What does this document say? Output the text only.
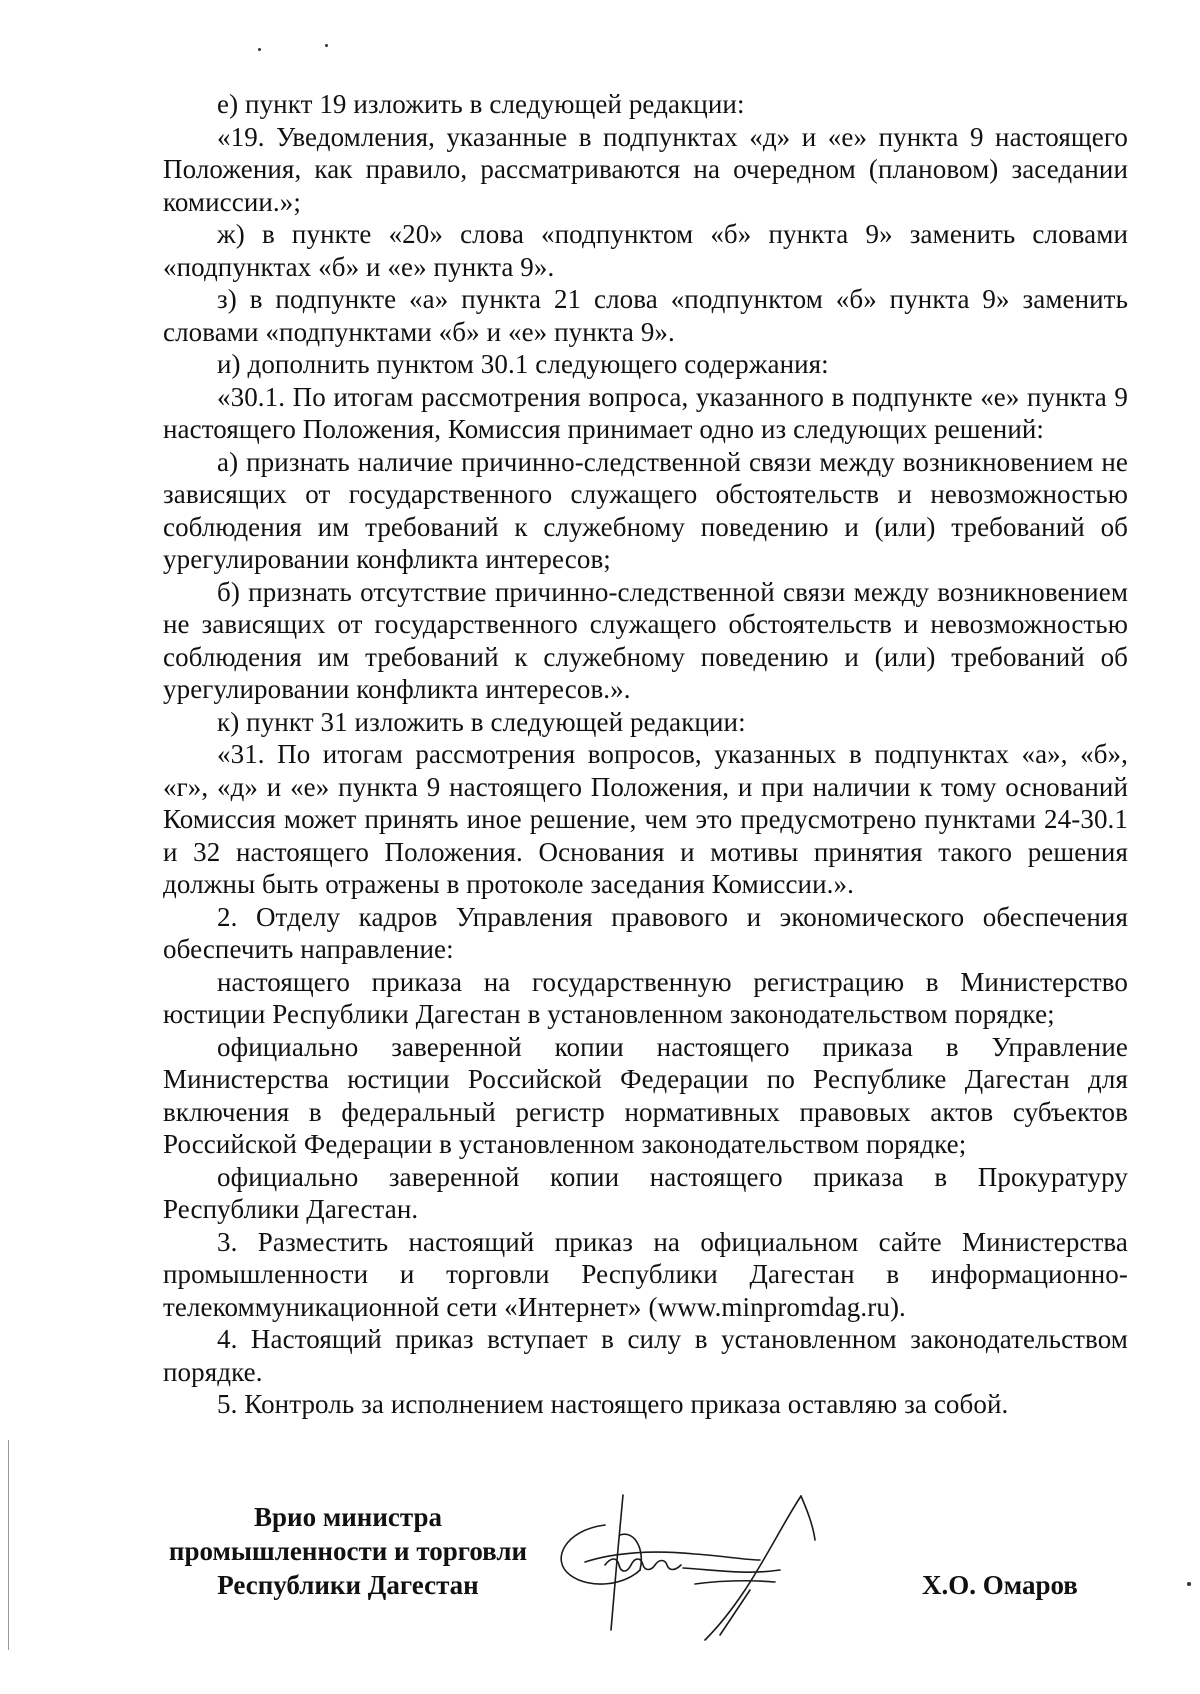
е) пункт 19 изложить в следующей редакции:

«19. Уведомления, указанные в подпунктах «д» и «е» пункта 9 настоящего Положения, как правило, рассматриваются на очередном (плановом) заседании комиссии.»;

ж) в пункте «20» слова «подпунктом «б» пункта 9» заменить словами «подпунктах «б» и «е» пункта 9».

з) в подпункте «а» пункта 21 слова «подпунктом «б» пункта 9» заменить словами «подпунктами «б» и «е» пункта 9».

и) дополнить пунктом 30.1 следующего содержания:

«30.1. По итогам рассмотрения вопроса, указанного в подпункте «е» пункта 9 настоящего Положения, Комиссия принимает одно из следующих решений:

а) признать наличие причинно-следственной связи между возникновением не зависящих от государственного служащего обстоятельств и невозможностью соблюдения им требований к служебному поведению и (или) требований об урегулировании конфликта интересов;

б) признать отсутствие причинно-следственной связи между возникновением не зависящих от государственного служащего обстоятельств и невозможностью соблюдения им требований к служебному поведению и (или) требований об урегулировании конфликта интересов.».

к) пункт 31 изложить в следующей редакции:

«31. По итогам рассмотрения вопросов, указанных в подпунктах «а», «б», «г», «д» и «е» пункта 9 настоящего Положения, и при наличии к тому оснований Комиссия может принять иное решение, чем это предусмотрено пунктами 24-30.1 и 32 настоящего Положения. Основания и мотивы принятия такого решения должны быть отражены в протоколе заседания Комиссии.».

2. Отделу кадров Управления правового и экономического обеспечения обеспечить направление:

настоящего приказа на государственную регистрацию в Министерство юстиции Республики Дагестан в установленном законодательством порядке;

официально заверенной копии настоящего приказа в Управление Министерства юстиции Российской Федерации по Республике Дагестан для включения в федеральный регистр нормативных правовых актов субъектов Российской Федерации в установленном законодательством порядке;

официально заверенной копии настоящего приказа в Прокуратуру Республики Дагестан.

3. Разместить настоящий приказ на официальном сайте Министерства промышленности и торговли Республики Дагестан в информационно-телекоммуникационной сети «Интернет» (www.minpromdag.ru).

4. Настоящий приказ вступает в силу в установленном законодательством порядке.

5. Контроль за исполнением настоящего приказа оставляю за собой.

Врио министра
промышленности и торговли
Республики Дагестан	Х.О. Омаров
